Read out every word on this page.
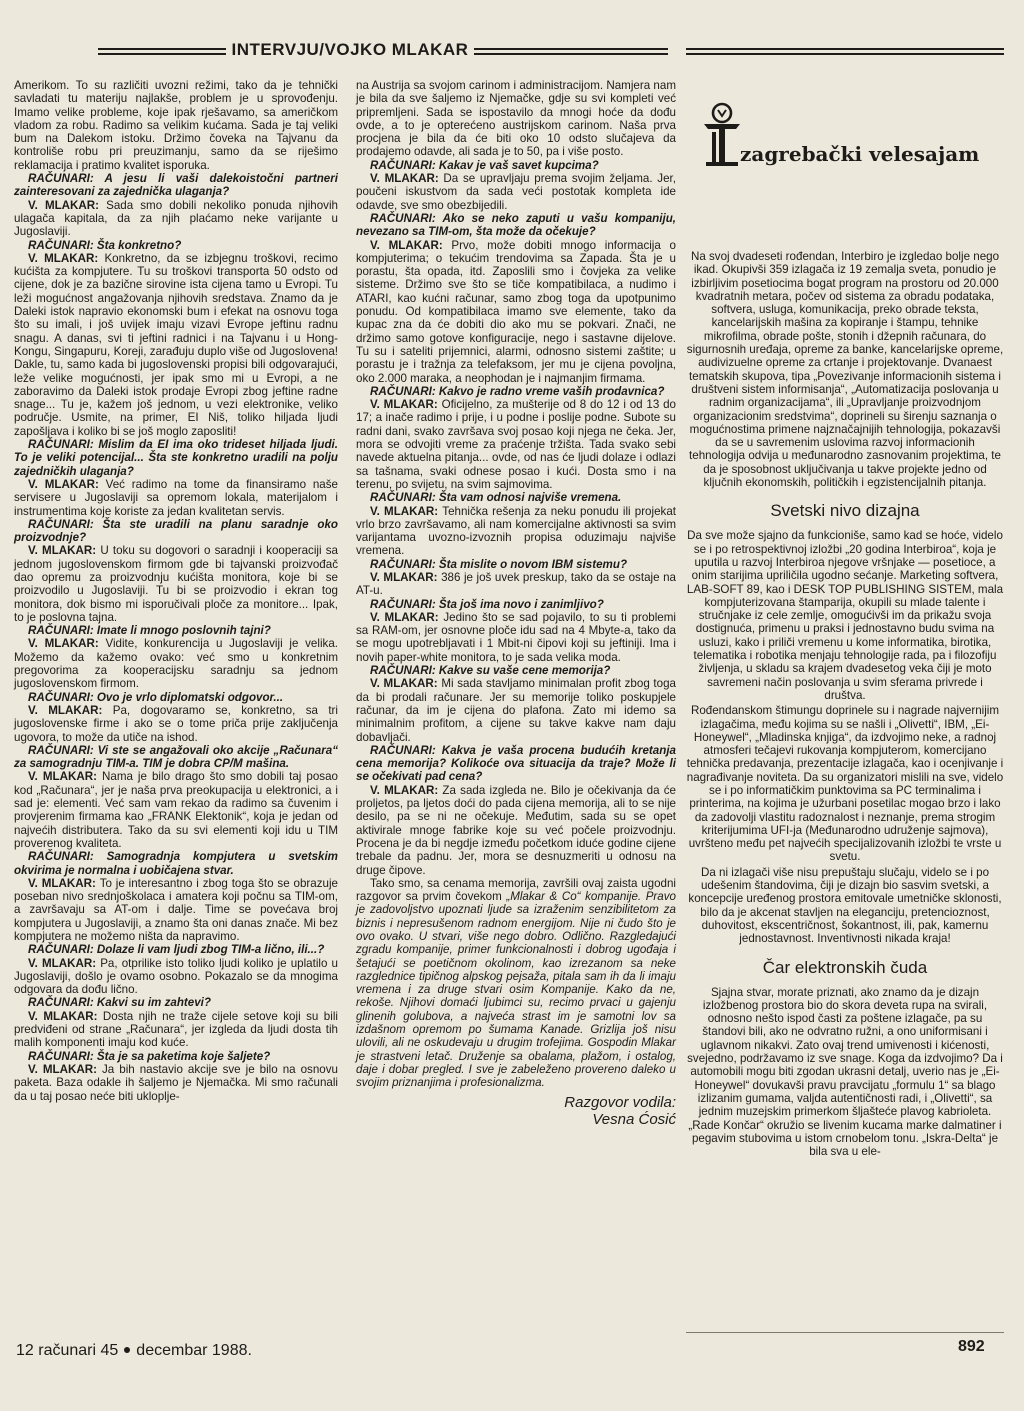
INTERVJU/VOJKO MLAKAR

Amerikom. To su različiti uvozni režimi, tako da je tehnički savladati tu materiju najlakše, problem je u sprovođenju. Imamo velike probleme, koje ipak rješavamo, sa američkom vladom za robu. Radimo sa velikim kućama. Sada je taj veliki bum na Dalekom istoku. Držimo čoveka na Tajvanu da kontroliše robu pri preuzimanju, samo da se riješimo reklamacija i pratimo kvalitet isporuka.

RAČUNARI: A jesu li vaši dalekoistočni partneri zainteresovani za zajednička ulaganja?

V. MLAKAR: Sada smo dobili nekoliko ponuda njihovih ulagača kapitala, da za njih plaćamo neke varijante u Jugoslaviji.

RAČUNARI: Šta konkretno?

V. MLAKAR: Konkretno, da se izbjegnu troškovi, recimo kućišta za kompjutere. Tu su troškovi transporta 50 odsto od cijene, dok je za bazične sirovine ista cijena tamo u Evropi. Tu leži mogućnost angažovanja njihovih sredstava. Znamo da je Daleki istok napravio ekonomski bum i efekat na osnovu toga što su imali, i još uvijek imaju vizavi Evrope jeftinu radnu snagu. A danas, svi ti jeftini radnici i na Tajvanu i u Hong-Kongu, Singapuru, Koreji, zarađuju duplo više od Jugoslovena! Dakle, tu, samo kada bi jugoslovenski propisi bili odgovarajući, leže velike mogućnosti, jer ipak smo mi u Evropi, a ne zaboravimo da Daleki istok prodaje Evropi zbog jeftine radne snage... Tu je, kažem još jednom, u vezi elektronike, veliko područje. Usmite, na primer, EI Niš, toliko hiljada ljudi zapošljava i koliko bi se još moglo zaposliti!

RAČUNARI: Mislim da EI ima oko trideset hiljada ljudi. To je veliki potencijal... Šta ste konkretno uradili na polju zajedničkih ulaganja?

V. MLAKAR: Već radimo na tome da finansiramo naše servisere u Jugoslaviji sa opremom lokala, materijalom i instrumentima koje koriste za jedan kvalitetan servis.

RAČUNARI: Šta ste uradili na planu saradnje oko proizvodnje?

V. MLAKAR: U toku su dogovori o saradnji i kooperaciji sa jednom jugoslovenskom firmom gde bi tajvanski proizvođač dao opremu za proizvodnju kućišta monitora, koje bi se proizvodilo u Jugoslaviji. Tu bi se proizvodio i ekran tog monitora, dok bismo mi isporučivali ploče za monitore... Ipak, to je poslovna tajna.

RAČUNARI: Imate li mnogo poslovnih tajni?

V. MLAKAR: Vidite, konkurencija u Jugoslaviji je velika. Možemo da kažemo ovako: već smo u konkretnim pregovorima za kooperacijsku saradnju sa jednom jugoslovenskom firmom.

RAČUNARI: Ovo je vrlo diplomatski odgovor...

V. MLAKAR: Pa, dogovaramo se, konkretno, sa tri jugoslovenske firme i ako se o tome priča prije zaključenja ugovora, to može da utiče na ishod.

RAČUNARI: Vi ste se angažovali oko akcije „Računara“ za samogradnju TIM-a. TIM je dobra CP/M mašina.

V. MLAKAR: Nama je bilo drago što smo dobili taj posao kod „Računara“, jer je naša prva preokupacija u elektronici, a i sad je: elementi. Već sam vam rekao da radimo sa čuvenim i provjerenim firmama kao „FRANK Elektonik“, koja je jedan od najvećih distributera. Tako da su svi elementi koji idu u TIM proverenog kvaliteta.

RAČUNARI: Samogradnja kompjutera u svetskim okvirima je normalna i uobičajena stvar.

V. MLAKAR: To je interesantno i zbog toga što se obrazuje poseban nivo srednjoškolaca i amatera koji počnu sa TIM-om, a završavaju sa AT-om i dalje. Time se povećava broj kompjutera u Jugoslaviji, a znamo šta oni danas znače. Mi bez kompjutera ne možemo ništa da napravimo.

RAČUNARI: Dolaze li vam ljudi zbog TIM-a lično, ili...?

V. MLAKAR: Pa, otprilike isto toliko ljudi koliko je uplatilo u Jugoslaviji, došlo je ovamo osobno. Pokazalo se da mnogima odgovara da dođu lično.

RAČUNARI: Kakvi su im zahtevi?

V. MLAKAR: Dosta njih ne traže cijele setove koji su bili predviđeni od strane „Računara“, jer izgleda da ljudi dosta tih malih komponenti imaju kod kuće.

RAČUNARI: Šta je sa paketima koje šaljete?

V. MLAKAR: Ja bih nastavio akcije sve je bilo na osnovu paketa. Baza odakle ih šaljemo je Njemačka. Mi smo računali da u taj posao neće biti ukloplje-

na Austrija sa svojom carinom i administracijom. Namjera nam je bila da sve šaljemo iz Njemačke, gdje su svi kompleti već pripremljeni. Sada se ispostavilo da mnogi hoće da dođu ovde, a to je opterećeno austrijskom carinom. Naša prva procjena je bila da će biti oko 10 odsto slučajeva da prodajemo odavde, ali sada je to 50, pa i više posto.

RAČUNARI: Kakav je vaš savet kupcima?

V. MLAKAR: Da se upravljaju prema svojim željama. Jer, poučeni iskustvom da sada veći postotak kompleta ide odavde, sve smo obezbijedili.

RAČUNARI: Ako se neko zaputi u vašu kompaniju, nevezano sa TIM-om, šta može da očekuje?

V. MLAKAR: Prvo, može dobiti mnogo informacija o kompjuterima; o tekućim trendovima sa Zapada. Šta je u porastu, šta opada, itd. Zaposlili smo i čovjeka za velike sisteme. Držimo sve što se tiče kompatibilaca, a nudimo i ATARI, kao kućni računar, samo zbog toga da upotpunimo ponudu. Od kompatibilaca imamo sve elemente, tako da kupac zna da će dobiti dio ako mu se pokvari. Znači, ne držimo samo gotove konfiguracije, nego i sastavne dijelove. Tu su i sateliti prijemnici, alarmi, odnosno sistemi zaštite; u porastu je i tražnja za telefaksom, jer mu je cijena povoljna, oko 2.000 maraka, a neophodan je i najmanjim firmama.

RAČUNARI: Kakvo je radno vreme vaših prodavnica?

V. MLAKAR: Oficijelno, za mušterije od 8 do 12 i od 13 do 17; a inače radimo i prije, i u podne i poslije podne. Subote su radni dani, svako završava svoj posao koji njega ne čeka. Jer, mora se odvojiti vreme za praćenje tržišta. Tada svako sebi navede aktuelna pitanja... ovde, od nas će ljudi dolaze i odlazi sa tašnama, svaki odnese posao i kući. Dosta smo i na terenu, po svijetu, na svim sajmovima.

RAČUNARI: Šta vam odnosi najviše vremena.

V. MLAKAR: Tehnička rešenja za neku ponudu ili projekat vrlo brzo završavamo, ali nam komercijalne aktivnosti sa svim varijantama uvozno-izvoznih propisa oduzimaju najviše vremena.

RAČUNARI: Šta mislite o novom IBM sistemu?

V. MLAKAR: 386 je još uvek preskup, tako da se ostaje na AT-u.

RAČUNARI: Šta još ima novo i zanimljivo?

V. MLAKAR: Jedino što se sad pojavilo, to su ti problemi sa RAM-om, jer osnovne ploče idu sad na 4 Mbyte-a, tako da se mogu upotrebljavati i 1 Mbit-ni čipovi koji su jeftiniji. Ima i novih paper-white monitora, to je sada velika moda.

RAČUNARI: Kakve su vaše cene memorija?

V. MLAKAR: Mi sada stavljamo minimalan profit zbog toga da bi prodali računare. Jer su memorije toliko poskupjele računar, da im je cijena do plafona. Zato mi idemo sa minimalnim profitom, a cijene su takve kakve nam daju dobavljači.

RAČUNARI: Kakva je vaša procena budućih kretanja cena memorija? Kolikoće ova situacija da traje? Može li se očekivati pad cena?

V. MLAKAR: Za sada izgleda ne. Bilo je očekivanja da će proljetos, pa ljetos doći do pada cijena memorija, ali to se nije desilo, pa se ni ne očekuje. Međutim, sada su se opet aktivirale mnoge fabrike koje su već počele proizvodnju. Procena je da bi negdje između početkom iduće godine cijene trebale da padnu. Jer, mora se desnuzmeriti u odnosu na druge čipove.

Tako smo, sa cenama memorija, završili ovaj zaista ugodni razgovor sa prvim čovekom „Mlakar & Co“ kompanije. Pravo je zadovoljstvo upoznati ljude sa izraženim senzibilitetom za biznis i nepresušenom radnom energijom. Nije ni čudo što je ovo ovako. U stvari, više nego dobro. Odlično. Razgledajući zgradu kompanije, primer funkcionalnosti i dobrog ugođaja i šetajući se poetičnom okolinom, kao izrezanom sa neke razglednice tipičnog alpskog pejsaža, pitala sam ih da li imaju vremena i za druge stvari osim Kompanije. Kako da ne, rekoše. Njihovi domaći ljubimci su, recimo prvaci u gajenju glinenih golubova, a najveća strast im je samotni lov sa izdašnom opremom po šumama Kanade. Grizlija još nisu ulovili, ali ne oskudevaju u drugim trofejima. Gospodin Mlakar je strastveni letač. Druženje sa obalama, plažom, i ostalog, daje i dobar pregled. I sve je zabeleženo provereno daleko u svojim priznanjima i profesionalizma.

Razgovor vodila:
Vesna Ćosić
zagrebački velesajam

Na svoj dvadeseti rođendan, Interbiro je izgledao bolje nego ikad. Okupivši 359 izlagača iz 19 zemalja sveta, ponudio je izbirljivim posetiocima bogat program na prostoru od 20.000 kvadratnih metara, počev od sistema za obradu podataka, softvera, usluga, komunikacija, preko obrade teksta, kancelarijskih mašina za kopiranje i štampu, tehnike mikrofilma, obrade pošte, stonih i džepnih računara, do sigurnosnih uređaja, opreme za banke, kancelarijske opreme, audivizuelne opreme za crtanje i projektovanje. Dvanaest tematskih skupova, tipa „Povezivanje informacionih sistema i društveni sistem informisanja“, „Automatizacija poslovanja u radnim organizacijama“, ili „Upravljanje proizvodnjom organizacionim sredstvima“, doprineli su širenju saznanja o mogućnostima primene najznačajnijih tehnologija, pokazavši da se u savremenim uslovima razvoj informacionih tehnologija odvija u međunarodno zasnovanim projektima, te da je sposobnost uključivanja u takve projekte jedno od ključnih ekonomskih, političkih i egzistencijalnih pitanja.

Svetski nivo dizajna

Da sve može sjajno da funkcioniše, samo kad se hoće, videlo se i po retrospektivnoj izložbi „20 godina Interbiroa“, koja je uputila u razvoj Interbiroa njegove vršnjake — posetioce, a onim starijima upriličila ugodno sećanje. Marketing softvera, LAB-SOFT 89, kao i DESK TOP PUBLISHING SISTEM, mala kompjuterizovana štamparija, okupili su mlade talente i stručnjake iz cele zemlje, omogućivši im da prikažu svoja dostignuća, primenu u praksi i jednostavno budu svima na usluzi, kako i priliči vremenu u kome informatika, birotika, telematika i robotika menjaju tehnologije rada, pa i filozofiju življenja, u skladu sa krajem dvadesetog veka čiji je moto savremeni način poslovanja u svim sferama privrede i društva.

Rođendanskom štimungu doprinele su i nagrade najvernijim izlagačima, među kojima su se našli i „Olivetti“, IBM, „Ei-Honeywel“, „Mladinska knjiga“, da izdvojimo neke, a radnoj atmosferi tečajevi rukovanja kompjuterom, komercijano tehnička predavanja, prezentacije izlagača, kao i ocenjivanje i nagrađivanje noviteta. Da su organizatori mislili na sve, videlo se i po informatičkim punktovima sa PC terminalima i printerima, na kojima je užurbani posetilac mogao brzo i lako da zadovolji vlastitu radoznalost i neznanje, prema strogim kriterijumima UFI-ja (Međunarodno udruženje sajmova), uvršteno među pet najvećih specijalizovanih izložbi te vrste u svetu.

Da ni izlagači više nisu prepuštaju slučaju, videlo se i po udešenim štandovima, čiji je dizajn bio sasvim svetski, a koncepcije uređenog prostora emitovale umetničke sklonosti, bilo da je akcenat stavljen na eleganciju, pretencioznost, duhovitost, ekscentričnost, šokantnost, ili, pak, kamernu jednostavnost. Inventivnosti nikada kraja!

Čar elektronskih čuda

Sjajna stvar, morate priznati, ako znamo da je dizajn izložbenog prostora bio do skora deveta rupa na svirali, odnosno nešto ispod časti za poštene izlagače, pa su štandovi bili, ako ne odvratno ružni, a ono uniformisani i uglavnom nikakvi. Zato ovaj trend umivenosti i kićenosti, svejedno, podržavamo iz sve snage. Koga da izdvojimo? Da i automobili mogu biti zgodan ukrasni detalj, uverio nas je „Ei-Honeywel“ dovukavši pravu pravcijatu „formulu 1“ sa blago izlizanim gumama, valjda autentičnosti radi, i „Olivetti“, sa jednim muzejskim primerkom šljašteće plavog kabrioleta. „Rade Končar“ okružio se livenim kucama marke dalmatiner i pegavim stubovima u istom crnobelom tonu. „Iskra-Delta“ je bila sva u ele-

12 računari 45 decembar 1988.	892
